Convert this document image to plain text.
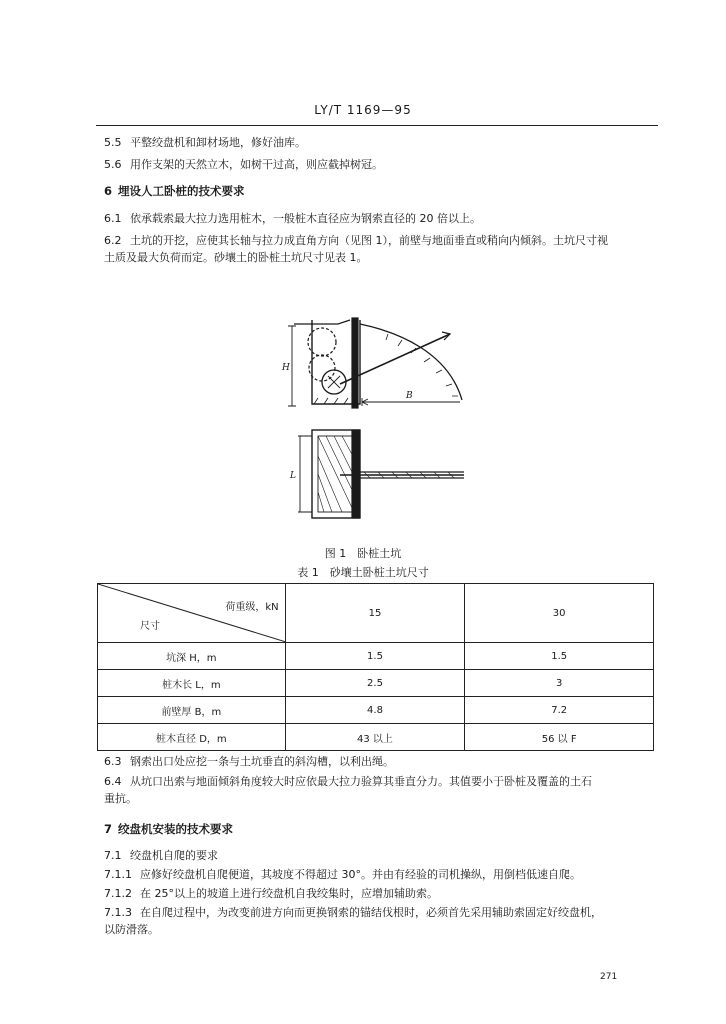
LY/T 1169—95
5.5 平整绞盘机和卸材场地，修好油库。
5.6 用作支架的天然立木，如树干过高，则应截掉树冠。
6 埋设人工卧桩的技术要求
6.1 依承载索最大拉力选用桩木，一般桩木直径应为钢索直径的 20 倍以上。
6.2 土坑的开挖，应使其长轴与拉力成直角方向（见图 1），前壁与地面垂直或稍向内倾斜。土坑尺寸视
土质及最大负荷而定。砂壤土的卧桩土坑尺寸见表 1。
H
B
L
图 1　卧桩土坑
表 1　砂壤土卧桩土坑尺寸
荷重级，kN
尺寸	15	30
坑深 H，m	1.5	1.5
桩木长 L，m	2.5	3
前壁厚 B，m	4.8	7.2
桩木直径 D，m	43 以上	56 以 F
6.3 钢索出口处应挖一条与土坑垂直的斜沟槽，以利出绳。
6.4 从坑口出索与地面倾斜角度较大时应依最大拉力验算其垂直分力。其值要小于卧桩及覆盖的土石
重抗。
7 绞盘机安装的技术要求
7.1 绞盘机自爬的要求
7.1.1 应修好绞盘机自爬便道，其坡度不得超过 30°。并由有经验的司机操纵，用倒档低速自爬。
7.1.2 在 25°以上的坡道上进行绞盘机自我绞集时，应增加辅助索。
7.1.3 在自爬过程中，为改变前进方向而更换钢索的锚结伐根时，必须首先采用辅助索固定好绞盘机，
以防滑落。
271
